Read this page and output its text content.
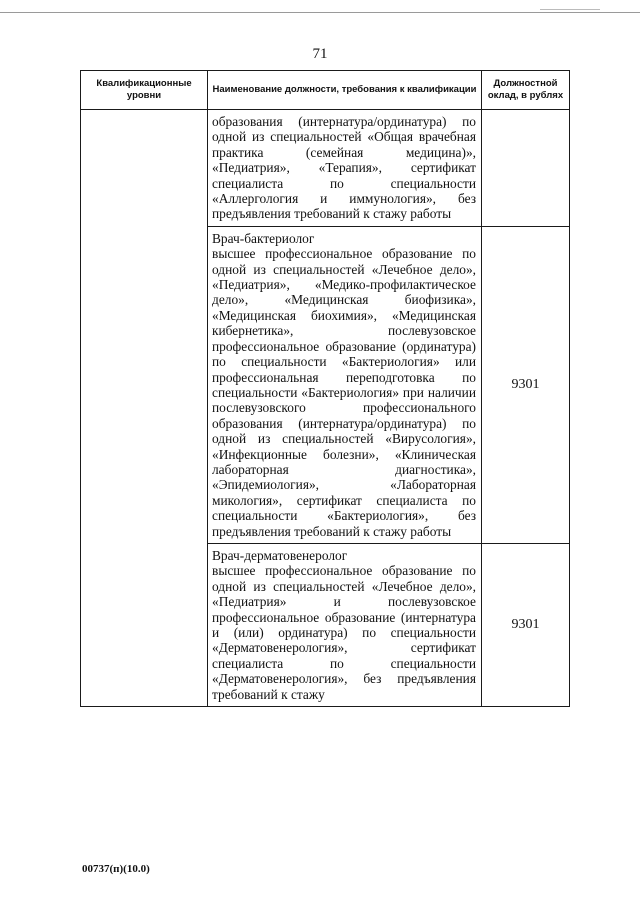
71
Квалификационные уровни	Наименование должности, требования к квалификации	Должностной оклад, в рублях

	образования (интернатура/ординатура) по одной из специальностей «Общая врачебная практика (семейная медицина)», «Педиатрия», «Терапия», сертификат специалиста по специальности «Аллергология и иммунология», без предъявления требований к стажу работы	

	Врач-бактериолог
высшее профессиональное образование по одной из специальностей «Лечебное дело», «Педиатрия», «Медико-профилактическое дело», «Медицинская биофизика», «Медицинская биохимия», «Медицинская кибернетика», послевузовское профессиональное образование (ординатура) по специальности «Бактериология» или профессиональная переподготовка по специальности «Бактериология» при наличии послевузовского профессионального образования (интернатура/ординатура) по одной из специальностей «Вирусология», «Инфекционные болезни», «Клиническая лабораторная диагностика», «Эпидемиология», «Лабораторная микология», сертификат специалиста по специальности «Бактериология», без предъявления требований к стажу работы	9301

	Врач-дерматовенеролог
высшее профессиональное образование по одной из специальностей «Лечебное дело», «Педиатрия» и послевузовское профессиональное образование (интернатура и (или) ординатура) по специальности «Дерматовенерология», сертификат специалиста по специальности «Дерматовенерология», без предъявления требований к стажу	9301
00737(п)(10.0)
